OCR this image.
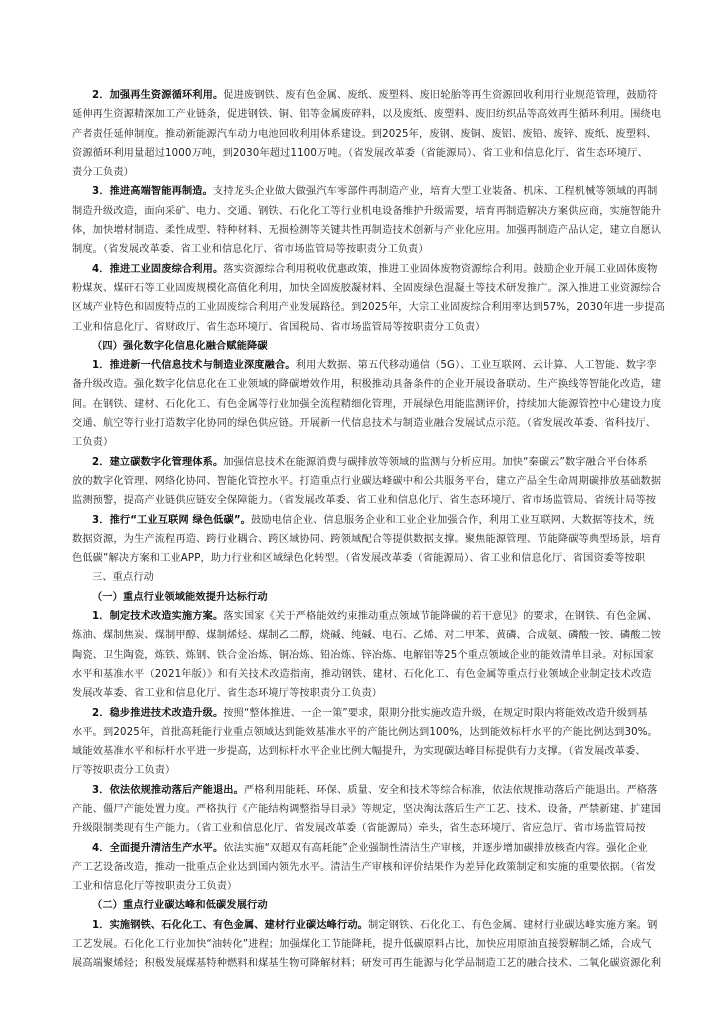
2．加强再生资源循环利用。促进废钢铁、废有色金属、废纸、废塑料、废旧轮胎等再生资源回收利用行业规范管理，鼓励符
延伸再生资源精深加工产业链条，促进钢铁、铜、铝等金属废碎料，以及废纸、废塑料、废旧纺织品等高效再生循环利用。围绕电
产者责任延伸制度。推动新能源汽车动力电池回收利用体系建设。到2025年，废钢、废铜、废铝、废铅、废锌、废纸、废塑料、
资源循环利用量超过1000万吨，到2030年超过1100万吨。（省发展改革委（省能源局）、省工业和信息化厅、省生态环境厅、
责分工负责）
3．推进高端智能再制造。支持龙头企业做大做强汽车零部件再制造产业，培育大型工业装备、机床、工程机械等领域的再制
制造升级改造，面向采矿、电力、交通、钢铁、石化化工等行业机电设备维护升级需要，培育再制造解决方案供应商，实施智能升
体，加快增材制造、柔性成型、特种材料、无损检测等关键共性再制造技术创新与产业化应用。加强再制造产品认定，建立自愿认
制度。（省发展改革委、省工业和信息化厅、省市场监管局等按职责分工负责）
4．推进工业固废综合利用。落实资源综合利用税收优惠政策，推进工业固体废物资源综合利用。鼓励企业开展工业固体废物
粉煤灰、煤矸石等工业固废规模化高值化利用，加快全固废胶凝材料、全固废绿色混凝土等技术研发推广。深入推进工业资源综合
区域产业特色和固废特点的工业固废综合利用产业发展路径。到2025年，大宗工业固废综合利用率达到57%，2030年进一步提高
工业和信息化厅、省财政厅、省生态环境厅、省国税局、省市场监管局等按职责分工负责）
（四）强化数字化信息化融合赋能降碳
1．推进新一代信息技术与制造业深度融合。利用大数据、第五代移动通信（5G）、工业互联网、云计算、人工智能、数字孪
备升级改造。强化数字化信息化在工业领域的降碳增效作用，积极推动具备条件的企业开展设备联动、生产换线等智能化改造，建
间。在钢铁、建材、石化化工、有色金属等行业加强全流程精细化管理，开展绿色用能监测评价，持续加大能源管控中心建设力度
交通、航空等行业打造数字化协同的绿色供应链。开展新一代信息技术与制造业融合发展试点示范。（省发展改革委、省科技厅、
工负责）
2．建立碳数字化管理体系。加强信息技术在能源消费与碳排放等领域的监测与分析应用。加快“秦碳云”数字融合平台体系
放的数字化管理、网络化协同、智能化管控水平。打造重点行业碳达峰碳中和公共服务平台，建立产品全生命周期碳排放基础数据
监测预警，提高产业链供应链安全保障能力。（省发展改革委、省工业和信息化厅、省生态环境厅、省市场监管局、省统计局等按
3．推行“工业互联网 绿色低碳”。鼓励电信企业、信息服务企业和工业企业加强合作，利用工业互联网、大数据等技术，统
数据资源，为生产流程再造、跨行业耦合、跨区域协同、跨领域配合等提供数据支撑。聚焦能源管理、节能降碳等典型场景，培育
色低碳”解决方案和工业APP，助力行业和区域绿色化转型。（省发展改革委（省能源局）、省工业和信息化厅、省国资委等按职
三、重点行动
（一）重点行业领域能效提升达标行动
1．制定技术改造实施方案。落实国家《关于严格能效约束推动重点领域节能降碳的若干意见》的要求，在钢铁、有色金属、
炼油、煤制焦炭、煤制甲醇、煤制烯烃、煤制乙二醇，烧碱、纯碱、电石、乙烯、对二甲苯、黄磷、合成氨、磷酸一铵、磷酸二铵
陶瓷、卫生陶瓷，炼铁、炼钢、铁合金冶炼、铜冶炼、铅冶炼、锌冶炼、电解铝等25个重点领域企业的能效清单目录。对标国家
水平和基准水平（2021年版）》和有关技术改造指南，推动钢铁、建材、石化化工、有色金属等重点行业领域企业制定技术改造
发展改革委、省工业和信息化厅、省生态环境厅等按职责分工负责）
2．稳步推进技术改造升级。按照“整体推进、一企一策”要求，限期分批实施改造升级，在规定时限内将能效改造升级到基
水平。到2025年，首批高耗能行业重点领域达到能效基准水平的产能比例达到100%，达到能效标杆水平的产能比例达到30%。
域能效基准水平和标杆水平进一步提高，达到标杆水平企业比例大幅提升，为实现碳达峰目标提供有力支撑。（省发展改革委、
厅等按职责分工负责）
3．依法依规推动落后产能退出。严格利用能耗、环保、质量、安全和技术等综合标准，依法依规推动落后产能退出。严格落
产能、僵尸产能处置力度。严格执行《产能结构调整指导目录》等规定，坚决淘汰落后生产工艺、技术、设备，严禁新建、扩建国
升级限制类现有生产能力。（省工业和信息化厅、省发展改革委（省能源局）牵头，省生态环境厅、省应急厅、省市场监管局按
4．全面提升清洁生产水平。依法实施“双超双有高耗能”企业强制性清洁生产审核，并逐步增加碳排放核查内容。强化企业
产工艺设备改造，推动一批重点企业达到国内领先水平。清洁生产审核和评价结果作为差异化政策制定和实施的重要依据。（省发
工业和信息化厅等按职责分工负责）
（二）重点行业碳达峰和低碳发展行动
1．实施钢铁、石化化工、有色金属、建材行业碳达峰行动。制定钢铁、石化化工、有色金属、建材行业碳达峰实施方案。钢
工艺发展。石化化工行业加快“油转化”进程；加强煤化工节能降耗，提升低碳原料占比，加快应用原油直接裂解制乙烯，合成气
展高端聚烯烃；积极发展煤基特种燃料和煤基生物可降解材料；研发可再生能源与化学品制造工艺的融合技术、二氧化碳资源化利
